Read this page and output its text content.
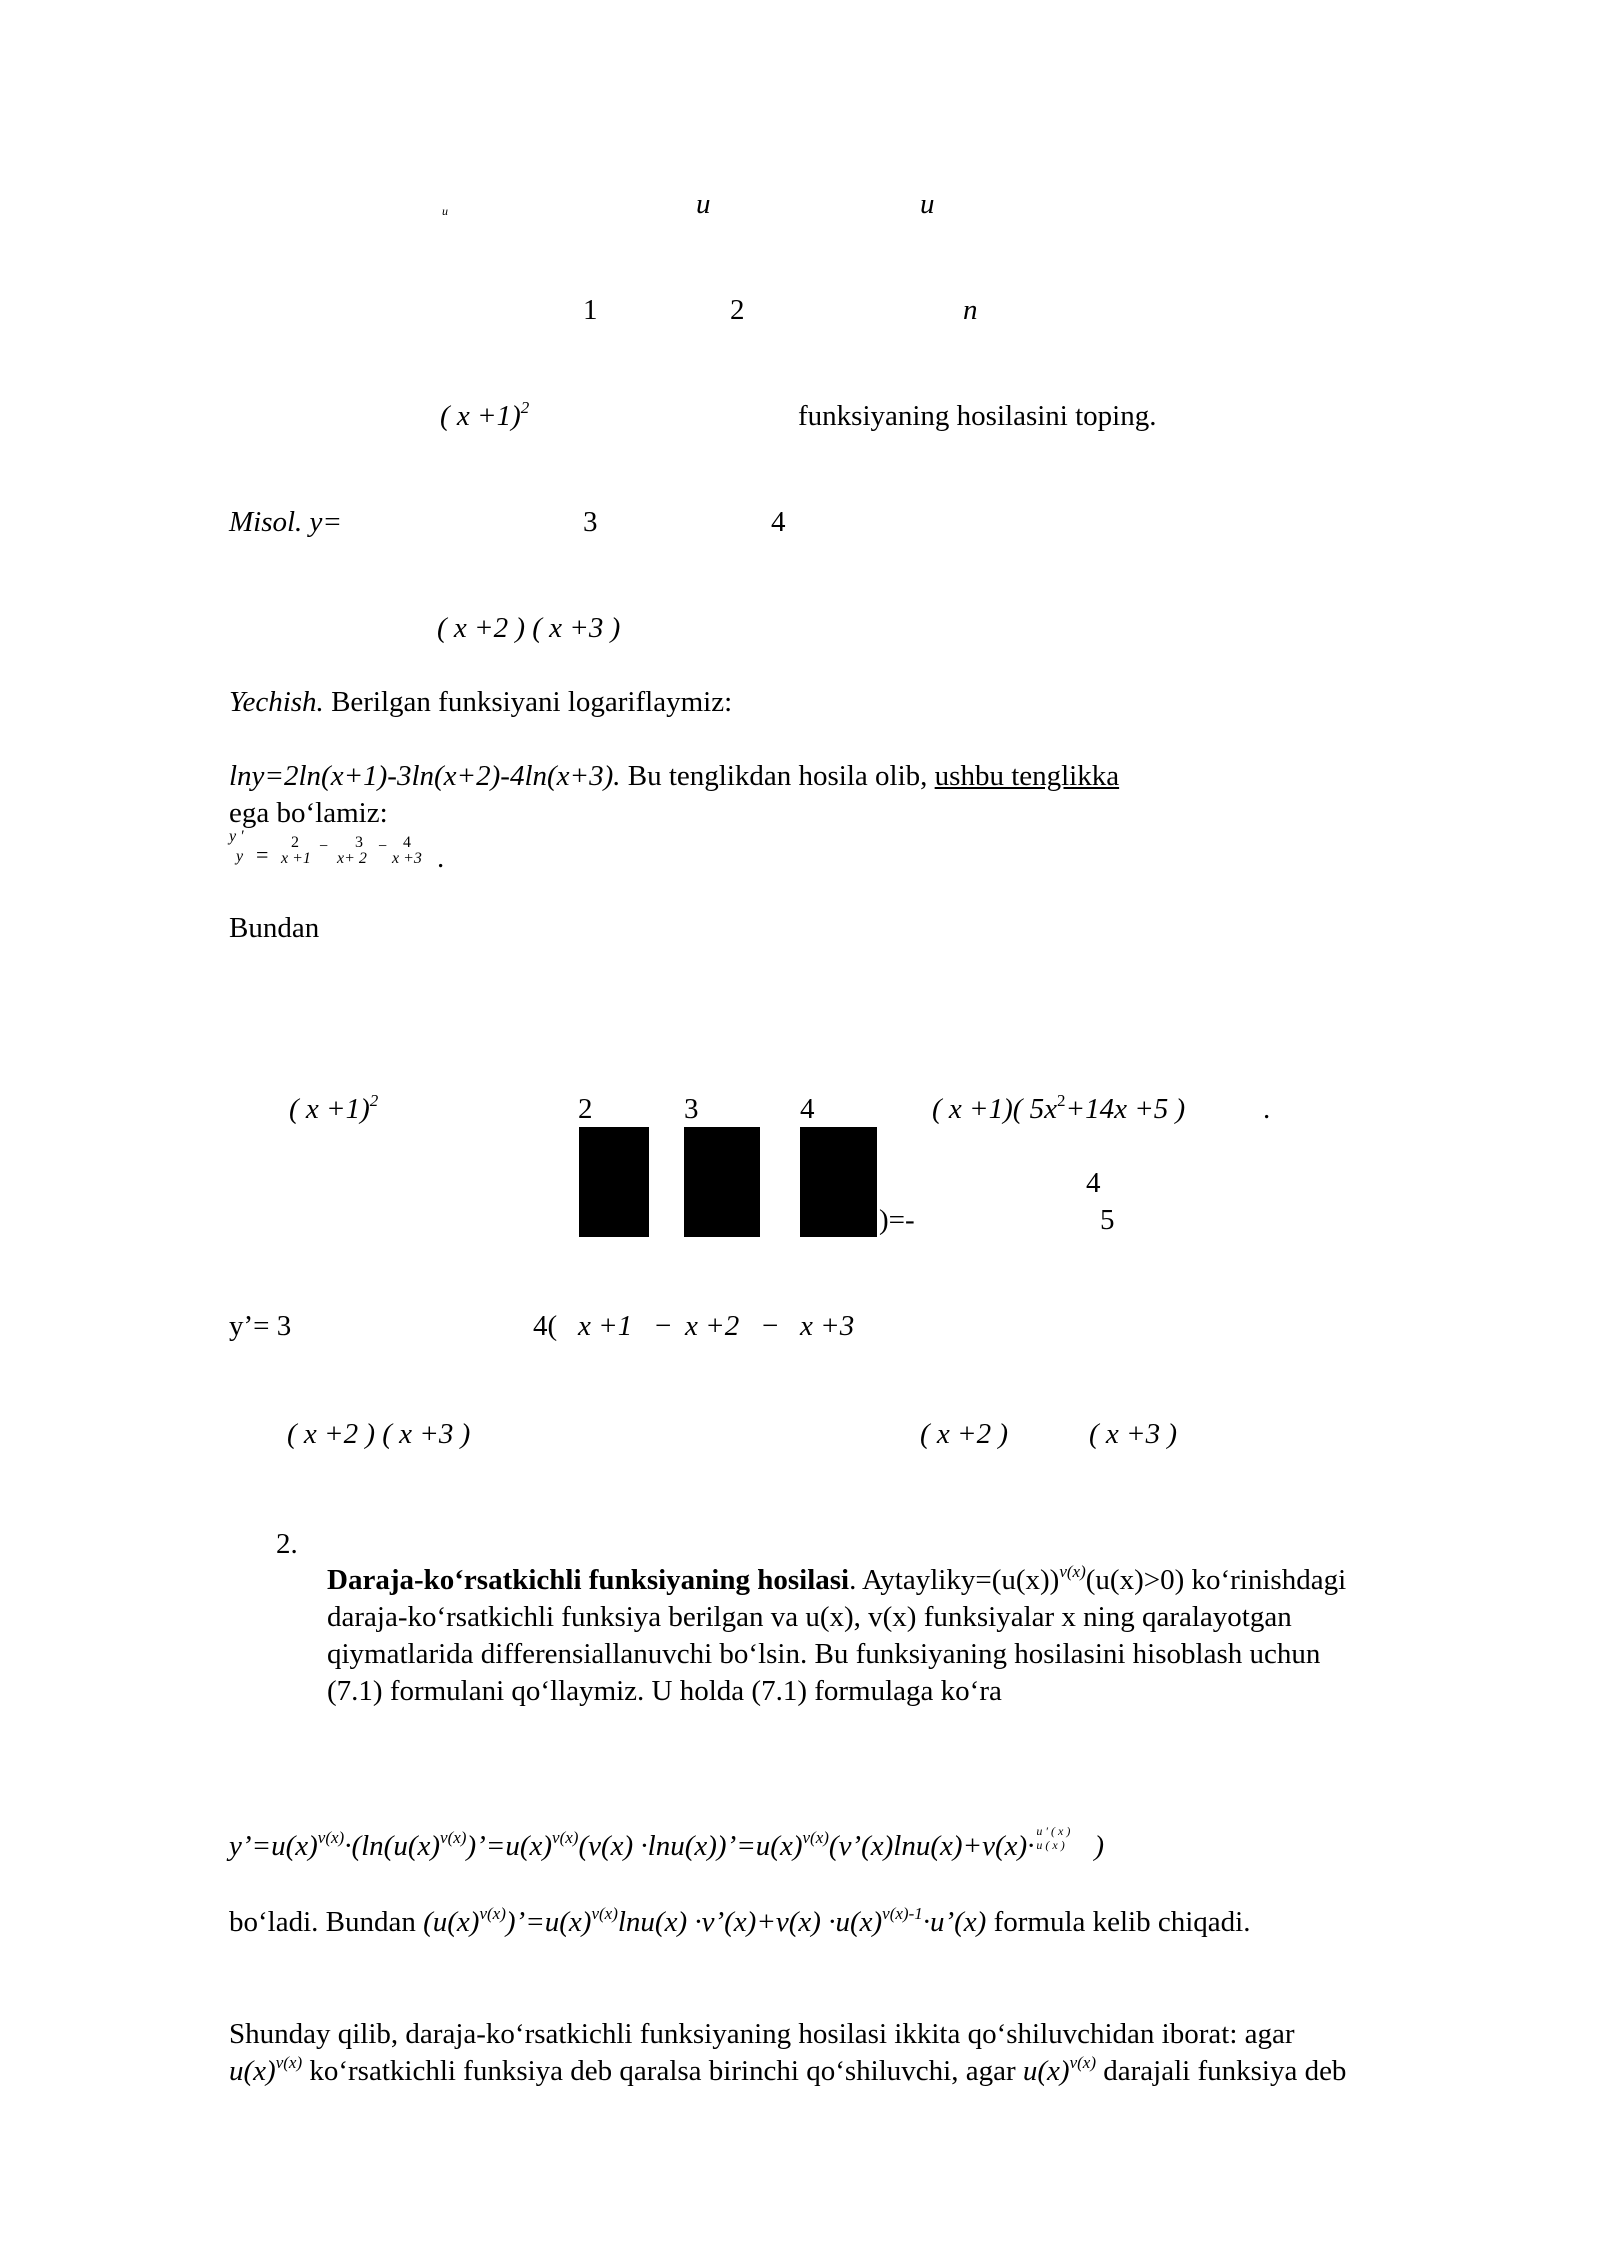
u	u	u
1	2	n
( x +1)$^2$	funksiyaning hosilasini toping.
Misol. y=	3	4
( x +2 ) ( x +3 )
Yechish. Berilgan funksiyani logariflaymiz:
lny=2ln(x+1)-3ln(x+2)-4ln(x+3). Bu tenglikdan hosila olib, ushbu tenglikka
ega bo‘lamiz:
y ′
y = 2
x +1
− 3
x+ 2
− 4
x +3 .
Bundan
( x +1)$^2$	2	3	4	( x +1)( $5x^2+14x +5$ )	.
)=-
4
5
y’= 3	4( x +1 − x +2 − x +3
( x +2 ) ( x +3 )	( x +2 )	( x +3 )
2.
Daraja-ko‘rsatkichli funksiyaning hosilasi. $Aytayliky=(u(x))^{v(x)}(u(x)>0)$ ko‘rinishdagi
daraja-ko‘rsatkichli funksiya berilgan va u(x), v(x) funksiyalar x ning qaralayotgan
qiymatlarida differensiallanuvchi bo‘lsin. Bu funksiyaning hosilasini hisoblash uchun
(7.1) formulani qo‘llaymiz. U holda (7.1) formulaga ko‘ra
$y’=u(x)^{v(x)}\cdot(\ln(u(x)^{v(x)})’=u(x)^{v(x)}(v(x)$ $\cdot\ln u(x))’=u(x)^{v(x)}(v’(x)\ln u(x)+v(x)\cdot u$ ′ ( x )
u ( x ) )
bo‘ladi. Bundan $(u(x)^{v(x)})’=u(x)^{v(x)}\ln u(x)$ ·v’(x)+v(x) $\cdot u(x)^{v(x)-1}\cdot u’(x)$ formula kelib chiqadi.
Shunday qilib, daraja-ko‘rsatkichli funksiyaning hosilasi ikkita qo‘shiluvchidan iborat: agar
$u(x)^{v(x)}$ ko‘rsatkichli funksiya deb qaralsa birinchi qo‘shiluvchi, agar $u(x)^{v(x)}$ darajali funksiya deb
